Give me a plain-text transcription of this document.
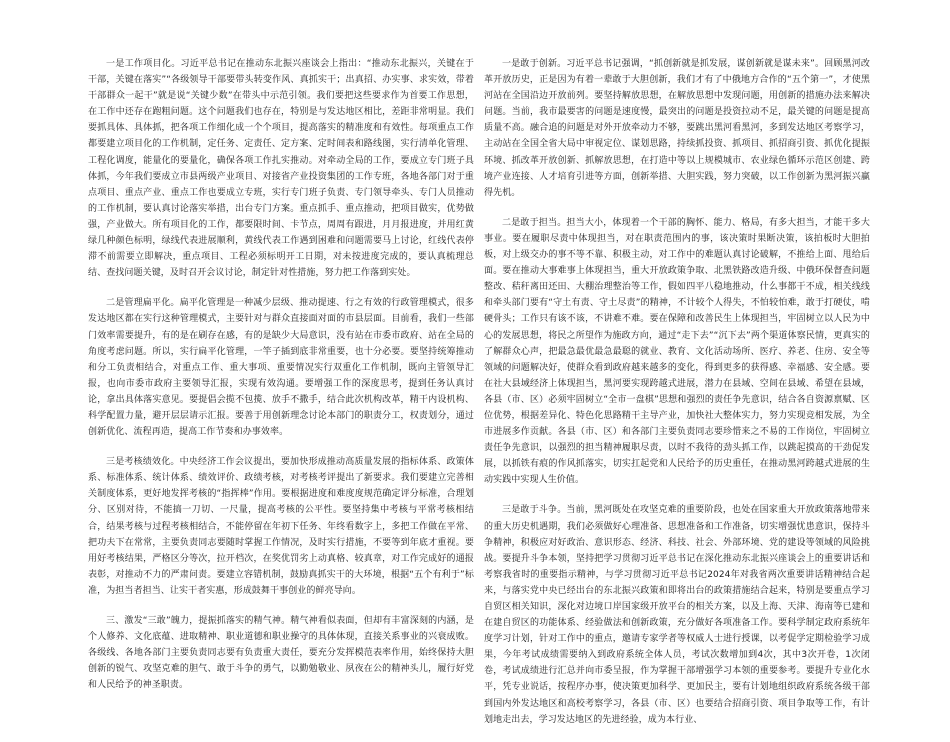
一是工作项目化。习近平总书记在推动东北振兴座谈会上指出：“推动东北振兴，关键在于干部，关键在落实”“各级领导干部要带头转变作风、真抓实干；出真招、办实事、求实效，带着干部群众一起干”就是说“关键少数”在带头中示范引领。我们要把这些要求作为首要工作思想，在工作中还存在跑粗问题。这个问题我们也存在，特别是与发达地区相比，差距非常明显。我们要抓具体、具体抓，把各项工作细化成一个个项目，提高落实的精准度和有效性。每项重点工作都要建立项目化的工作机制，定任务、定责任、定方案、定时间表和路线图，实行清单化管理、工程化调度，能量化的要量化，确保各项工作扎实推动。对牵动全局的工作，要成立专门班子具体抓，今年我们要成立市县两级产业项目、对接省产业投资集团的工作专班，各地各部门对于重点项目、重点产业、重点工作也要成立专班，实行专门班子负责、专门领导牵头、专门人员推动的工作机制，要认真讨论落实举措，出台专门方案。重点抓手、重点推动，把项目做实，优势做强，产业做大。所有项目化的工作，都要限时间、卡节点，周周有跟进，月月报进度，并用红黄绿几种颜色标明，绿线代表进展顺利，黄线代表工作遇到困难和问题需要马上讨论，红线代表停滞不前需要立即解决，重点项目、工程必须标明开工日期，对未按进度完成的，要认真梳理总结、查找问题关键，及时召开会议讨论，制定针对性措施，努力把工作落到实处。

二是管理扁平化。扁平化管理是一种减少层级、推动提速、行之有效的行政管理模式，很多发达地区都在实行这种管理模式，主要针对与群众直接面对面的市县层面。目前看，我们一些部门效率需要提升，有的是在刷存在感，有的是缺少大局意识，没有站在市委市政府、站在全局的角度考虑问题。所以，实行扁平化管理，一竿子插到底非常重要，也十分必要。要坚持统筹推动和分工负责相结合，对重点工作、重大事项、重要情况实行双重化工作机制，既向主管领导汇报，也向市委市政府主要领导汇报，实现有效沟通。要增强工作的深度思考，提到任务认真讨论，拿出具体落实意见。要提倡会揽不包揽、放手不撒手，结合此次机构改革，精干内设机构、科学配置力量，避开层层请示汇报。要善于用创新理念讨论本部门的职责分工，权责划分，通过创新优化、流程再造，提高工作节奏和办事效率。

三是考核绩效化。中央经济工作会议提出，要加快形成推动高质量发展的指标体系、政策体系、标准体系、统计体系、绩效评价、政绩考核，对考核考评提出了新要求。我们要建立完善相关制度体系，更好地发挥考核的“指挥棒”作用。要根据进度和难度度规范确定评分标准，合理划分、区别对待，不能搞一刀切、一尺量，提高考核的公平性。要坚持集中考核与平常考核相结合，结果考核与过程考核相结合，不能停留在年初下任务、年终看数字上，多把工作做在平常、把功夫下在常常，主要负责同志要随时掌握工作情况，及时实行措施，不要等到年底才重视。要用好考核结果，严格区分等次，拉开档次，在奖优罚劣上动真格、较真章，对工作完成好的通报表彰，对推动不力的严肃问责。要建立容错机制，鼓励真抓实干的大环境，根据“五个有利于”标准，为担当者担当、让实干者实惠，形成鼓舞干事创业的鲜亮导向。

三、激发“三敢”魄力，提振抓落实的精气神。精气神看似表面，但却有丰富深刻的内涵，是个人修养、文化底蕴、进取精神、职业道德和职业操守的具体体现，直接关系事业的兴衰成败。各级线、各地各部门主要负责同志要有负责重大责任，要充分发挥模范表率作用，始终保持大胆创新的锐气、攻坚克难的胆气、敢于斗争的勇气，以勤勉敬业、夙夜在公的精神头儿，履行好党和人民给予的神圣职责。

一是敢于创新。习近平总书记强调，“抓创新就是抓发展，谋创新就是谋未来”。回顾黑河改革开放历史，正是因为有着一辈敢于大胆创新，我们才有了中俄地方合作的“五个第一”，才使黑河站在全国沿边开放前列。要坚持解放思想，在解放思想中发现问题，用创新的措施办法来解决问题。当前，我市最要害的问题是速度慢，最突出的问题是投资拉动不足，最关键的问题是提高质量不高。融合追的问题是对外开放牵动力不够，要跳出黑河看黑河，多到发达地区考察学习，主动站在全国全省大局中审视定位、谋划思路，持续抓投资、抓项目、抓招商引资、抓优化提振环境、抓改革开放创新、抓解放思想，在打造中等以上规模城市、农业绿色循环示范区创建、跨境产业连接、人才培育引进等方面，创新举措、大胆实践，努力突破，以工作创新为黑河振兴赢得先机。

二是敢于担当。担当大小，体现着一个干部的胸怀、能力、格局，有多大担当，才能干多大事业。要在履职尽责中体现担当，对在职责范围内的事，该决策时果断决策，该拍板时大胆拍板，对上级交办的事不等不靠、积极主动，对工作中的难题认真讨论破解，不推给上面、甩给后面。要在推动大事难事上体现担当，重大开放政策争取、北黑铁路改造升级、中俄环保督查问题整改、秸秆离田还田、大棚治理整治等工作，假如四平八稳地推动，什么事都干不成，相关线线和牵头部门要有“守土有责、守土尽责”的精神，不计较个人得失，不怕较怕难，敢于打硬仗，啃硬骨头；工作只有该不该，不讲难不难。要在保障和改善民生上体现担当，牢固树立以人民为中心的发展思想，将民之所望作为施政方向，通过“走下去”“沉下去”两个渠道体察民情，更真实的了解群众心声，把最急最优最急最聪的就业、教育、文化活动场所、医疗、养老、住房、安全等领域的问题解决好，使群众看到政府越来越多的变化，得到更多的获得感、幸福感、安全感。要在社大县域经济上体现担当，黑河要实现跨越式进展，潜力在县域、空间在县域、希望在县域，各县（市、区）必须牢固树立“全市一盘棋”思想和强烈的责任争先意识，结合各自资源禀赋、区位优势，根据差异化、特色化思路精干主导产业，加快社大整体实力，努力实现竞相发展，为全市进展多作贡献。各县（市、区）和各部门主要负责同志要珍惜来之不易的工作岗位，牢固树立责任争先意识，以强烈的担当精神履职尽责，以时不我待的劲头抓工作，以跳起摸高的干劲促发展，以抓铁有痕的作风抓落实，切实扛起党和人民给予的历史重任，在推动黑河跨越式进展的生动实践中实现人生价值。

三是敢于斗争。当前，黑河既处在攻坚克难的重要阶段，也处在国家重大开放政策落地带来的重大历史机遇期，我们必须做好心理准备、思想准备和工作准备，切实增强忧患意识，保持斗争精神，积极应对好政治、意识形态、经济、科技、社会、外部环境、党的建设等领域的风险挑战。要提升斗争本领，坚持把学习贯彻习近平总书记在深化推动东北振兴座谈会上的重要讲话和考察我省时的重要指示精神，与学习贯彻习近平总书记2024年对我省两次重要讲话精神结合起来，与落实党中央已经出台的东北振兴政策和即将出台的政策措施结合起来，特别是要重点学习自贸区相关知识，深化对边境口岸国家级开放平台的相关方案，以及上海、天津、海南等已建和在建自贸区的功能体系、经验做法和创新政策，充分做好各项准备工作。要科学制定政府系统年度学习计划，针对工作中的重点，邀请专家学者等权威人士进行授课，以考促学定期检验学习成果，今年考试成绩需要纳入到政府系统全体人员，考试次数增加到4次，其中3次开卷，1次闭卷，考试成绩进行汇总并向市委呈报，作为掌握干部增强学习本领的重要参考。要提升专业化水平，凭专业说话，按程序办事，使决策更加科学、更加民主，要有计划地组织政府系统各级干部到国内外发达地区和高校考察学习，各县（市、区）也要结合招商引资、项目争取等工作，有计划地走出去，学习发达地区的先进经验，成为本行业、
